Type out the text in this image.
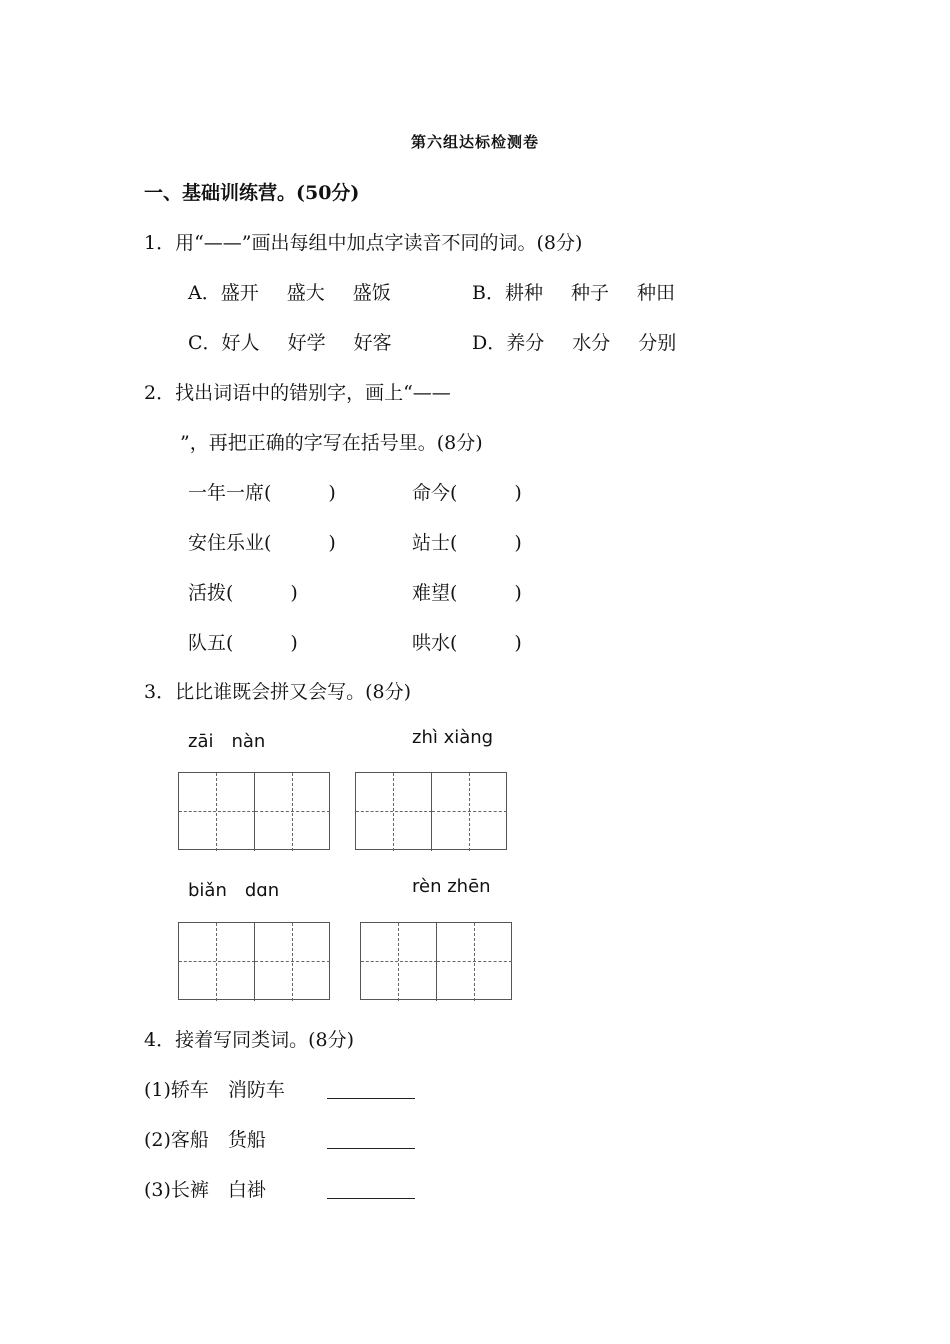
第六组达标检测卷
一、基础训练营。(50分)
1．用“——”画出每组中加点字读音不同的词。(8分)
A．盛开 盛大 盛饭	B．耕种 种子 种田
C．好人 好学 好客	D．养分 水分 分别
2．找出词语中的错别字，画上“——
”，再把正确的字写在括号里。(8分)
一年一席(　　　)	命今(　　　)
安住乐业(　　　)	站士(　　　)
活拨(　　　)	难望(　　　)
队五(　　　)	哄水(　　　)
3．比比谁既会拼又会写。(8分)
zāi　nàn	zhì xiàng
biǎn　dɑn	rèn zhēn
4．接着写同类词。(8分)
(1)轿车　消防车
(2)客船　货船
(3)长裤　白褂
